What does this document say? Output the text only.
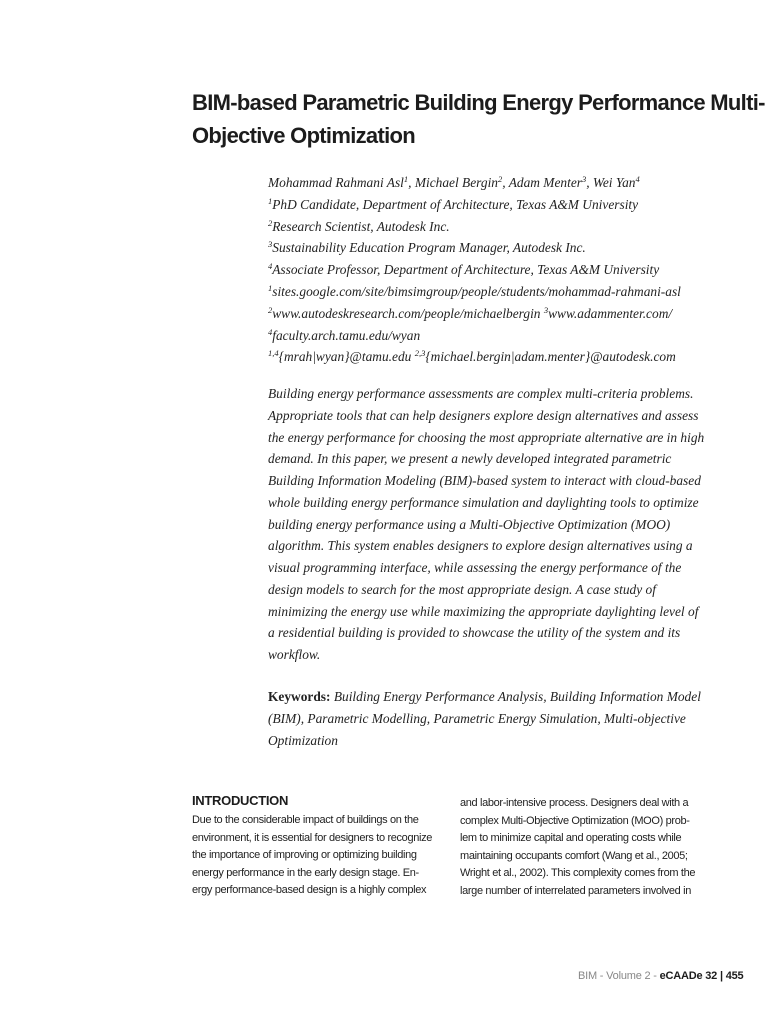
BIM-based Parametric Building Energy Performance Multi-
Objective Optimization
Mohammad Rahmani Asl$^1$, Michael Bergin$^2$, Adam Menter$^3$, Wei Yan$^4$
$^1$PhD Candidate, Department of Architecture, Texas A&M University
$^2$Research Scientist, Autodesk Inc.
$^3$Sustainability Education Program Manager, Autodesk Inc.
$^4$Associate Professor, Department of Architecture, Texas A&M University
$^1$sites.google.com/site/bimsimgroup/people/students/mohammad-rahmani-asl
$^2$www.autodeskresearch.com/people/michaelbergin $^3$www.adammenter.com/
$^4$faculty.arch.tamu.edu/wyan
$^{1,4}${mrah|wyan}@tamu.edu $^{2,3}${michael.bergin|adam.menter}@autodesk.com
Building energy performance assessments are complex multi-criteria problems.
Appropriate tools that can help designers explore design alternatives and assess
the energy performance for choosing the most appropriate alternative are in high
demand. In this paper, we present a newly developed integrated parametric
Building Information Modeling (BIM)-based system to interact with cloud-based
whole building energy performance simulation and daylighting tools to optimize
building energy performance using a Multi-Objective Optimization (MOO)
algorithm. This system enables designers to explore design alternatives using a
visual programming interface, while assessing the energy performance of the
design models to search for the most appropriate design. A case study of
minimizing the energy use while maximizing the appropriate daylighting level of
a residential building is provided to showcase the utility of the system and its
workflow.
Keywords: Building Energy Performance Analysis, Building Information Model
(BIM), Parametric Modelling, Parametric Energy Simulation, Multi-objective
Optimization
INTRODUCTION
Due to the considerable impact of buildings on the
environment, it is essential for designers to recognize
the importance of improving or optimizing building
energy performance in the early design stage. En-
ergy performance-based design is a highly complex
and labor-intensive process. Designers deal with a
complex Multi-Objective Optimization (MOO) prob-
lem to minimize capital and operating costs while
maintaining occupants comfort (Wang et al., 2005;
Wright et al., 2002). This complexity comes from the
large number of interrelated parameters involved in
BIM - Volume 2 - eCAADe 32 | 455
